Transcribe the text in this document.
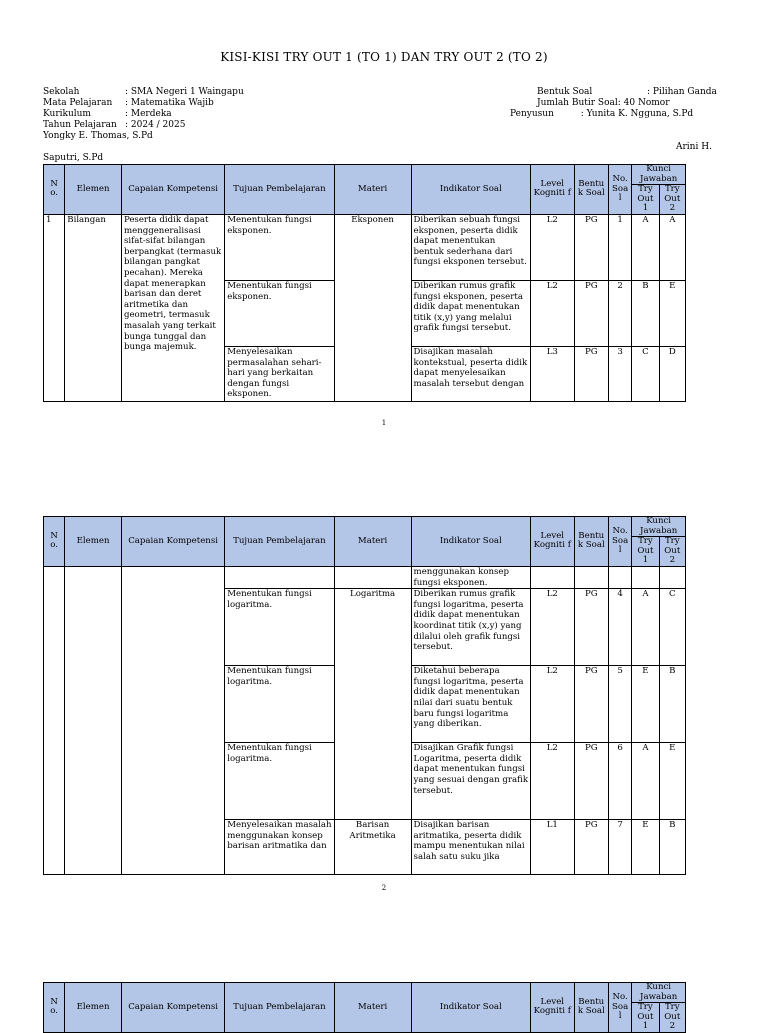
KISI-KISI TRY OUT 1 (TO 1) DAN TRY OUT 2 (TO 2)
Sekolah	: SMA Negeri 1 Waingapu
Mata Pelajaran	: Matematika Wajib
Kurikulum	: Merdeka
Tahun Pelajaran : 2024 / 2025
Yongky E. Thomas, S.Pd
Bentuk Soal	: Pilihan Ganda
Jumlah Butir Soal: 40 Nomor
Penyusun	: Yunita K. Ngguna, S.Pd
Arini H.
Saputri, S.Pd
N o.	Elemen	Capaian Kompetensi	Tujuan Pembelajaran	Materi	Indikator Soal	Level Kogniti f	Bentu k Soal	No. Soa l	Kunci Jawaban	
									Try Out 1	Try Out 2
1	Bilangan	Peserta didik dapat menggeneralisasi sifat-sifat bilangan berpangkat (termasuk bilangan pangkat pecahan). Mereka dapat menerapkan barisan dan deret aritmetika dan geometri, termasuk masalah yang terkait bunga tunggal dan bunga majemuk.	Menentukan fungsi eksponen.	Eksponen	Diberikan sebuah fungsi eksponen, peserta didik dapat menentukan bentuk sederhana dari fungsi eksponen tersebut.	L2	PG	1	A	A
			Menentukan fungsi eksponen.		Diberikan rumus grafik fungsi eksponen, peserta didik dapat menentukan titik (x,y) yang melalui grafik fungsi tersebut.	L2	PG	2	B	E
			Menyelesaikan permasalahan sehari-hari yang berkaitan dengan fungsi eksponen.		Disajikan masalah kontekstual, peserta didik dapat menyelesaikan masalah tersebut dengan	L3	PG	3	C	D
1
N o.	Elemen	Capaian Kompetensi	Tujuan Pembelajaran	Materi	Indikator Soal	Level Kogniti f	Bentu k Soal	No. Soa l	Kunci Jawaban	
									Try Out 1	Try Out 2
					menggunakan konsep fungsi eksponen.					
			Menentukan fungsi logaritma.	Logaritma	Diberikan rumus grafik fungsi logaritma, peserta didik dapat menentukan koordinat titik (x,y) yang dilalui oleh grafik fungsi tersebut.	L2	PG	4	A	C
			Menentukan fungsi logaritma.		Diketahui beberapa fungsi logaritma, peserta didik dapat menentukan nilai dari suatu bentuk baru fungsi logaritma yang diberikan.	L2	PG	5	E	B
			Menentukan fungsi logaritma.		Disajikan Grafik fungsi Logaritma, peserta didik dapat menentukan fungsi yang sesuai dengan grafik tersebut.	L2	PG	6	A	E
			Menyelesaikan masalah menggunakan konsep barisan aritmatika dan	Barisan Aritmetika	Disajikan barisan aritmatika, peserta didik mampu menentukan nilai salah satu suku jika	L1	PG	7	E	B
2
N o.	Elemen	Capaian Kompetensi	Tujuan Pembelajaran	Materi	Indikator Soal	Level Kogniti f	Bentu k Soal	No. Soa l	Kunci Jawaban	
									Try Out 1	Try Out 2
